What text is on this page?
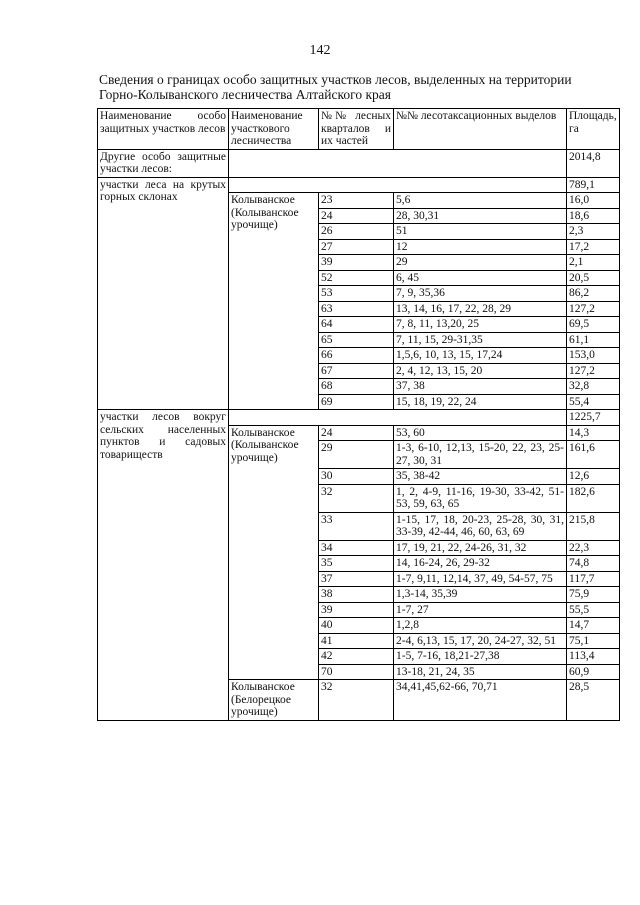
142
Сведения о границах особо защитных участков лесов, выделенных на территории
Горно-Колыванского лесничества Алтайского края
Наименование особо защитных участков лесов	Наименование участкового лесничества	№№ лесных кварталов и их частей	№№ лесотаксационных выделов	Площадь, га
Другие особо защитные участки лесов:				2014,8
участки леса на крутых горных склонах				789,1
	Колыванское (Колыванское урочище)	23	5,6	16,0
		24	28, 30,31	18,6
		26	51	2,3
		27	12	17,2
		39	29	2,1
		52	6, 45	20,5
		53	7, 9, 35,36	86,2
		63	13, 14, 16, 17, 22, 28, 29	127,2
		64	7, 8, 11, 13,20, 25	69,5
		65	7, 11, 15, 29-31,35	61,1
		66	1,5,6, 10, 13, 15, 17,24	153,0
		67	2, 4, 12, 13, 15, 20	127,2
		68	37, 38	32,8
		69	15, 18, 19, 22, 24	55,4
участки лесов вокруг сельских населенных пунктов и садовых товариществ				1225,7
	Колыванское (Колыванское урочище)	24	53, 60	14,3
		29	1-3, 6-10, 12,13, 15-20, 22, 23, 25-27, 30, 31	161,6
		30	35, 38-42	12,6
		32	1, 2, 4-9, 11-16, 19-30, 33-42, 51-53, 59, 63, 65	182,6
		33	1-15, 17, 18, 20-23, 25-28, 30, 31, 33-39, 42-44, 46, 60, 63, 69	215,8
		34	17, 19, 21, 22, 24-26, 31, 32	22,3
		35	14, 16-24, 26, 29-32	74,8
		37	1-7, 9,11, 12,14, 37, 49, 54-57, 75	117,7
		38	1,3-14, 35,39	75,9
		39	1-7, 27	55,5
		40	1,2,8	14,7
		41	2-4, 6,13, 15, 17, 20, 24-27, 32, 51	75,1
		42	1-5, 7-16, 18,21-27,38	113,4
		70	13-18, 21, 24, 35	60,9
	Колыванское (Белорецкое урочище)	32	34,41,45,62-66, 70,71	28,5
